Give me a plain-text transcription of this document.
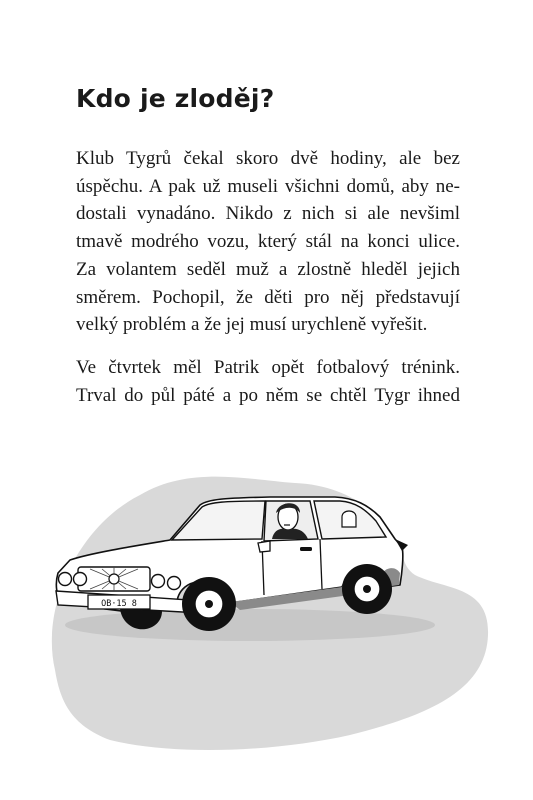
Kdo je zloděj?
Klub Tygrů čekal skoro dvě hodiny, ale bez
úspěchu. A pak už museli všichni domů, aby ne-
dostali vynadáno. Nikdo z nich si ale nevšiml
tmavě modrého vozu, který stál na konci ulice.
Za volantem seděl muž a zlostně hleděl jejich
směrem. Pochopil, že děti pro něj představují
velký problém a že jej musí urychleně vyřešit.
Ve čtvrtek měl Patrik opět fotbalový trénink.
Trval do půl páté a po něm se chtěl Tygr ihned
OB·15 8
